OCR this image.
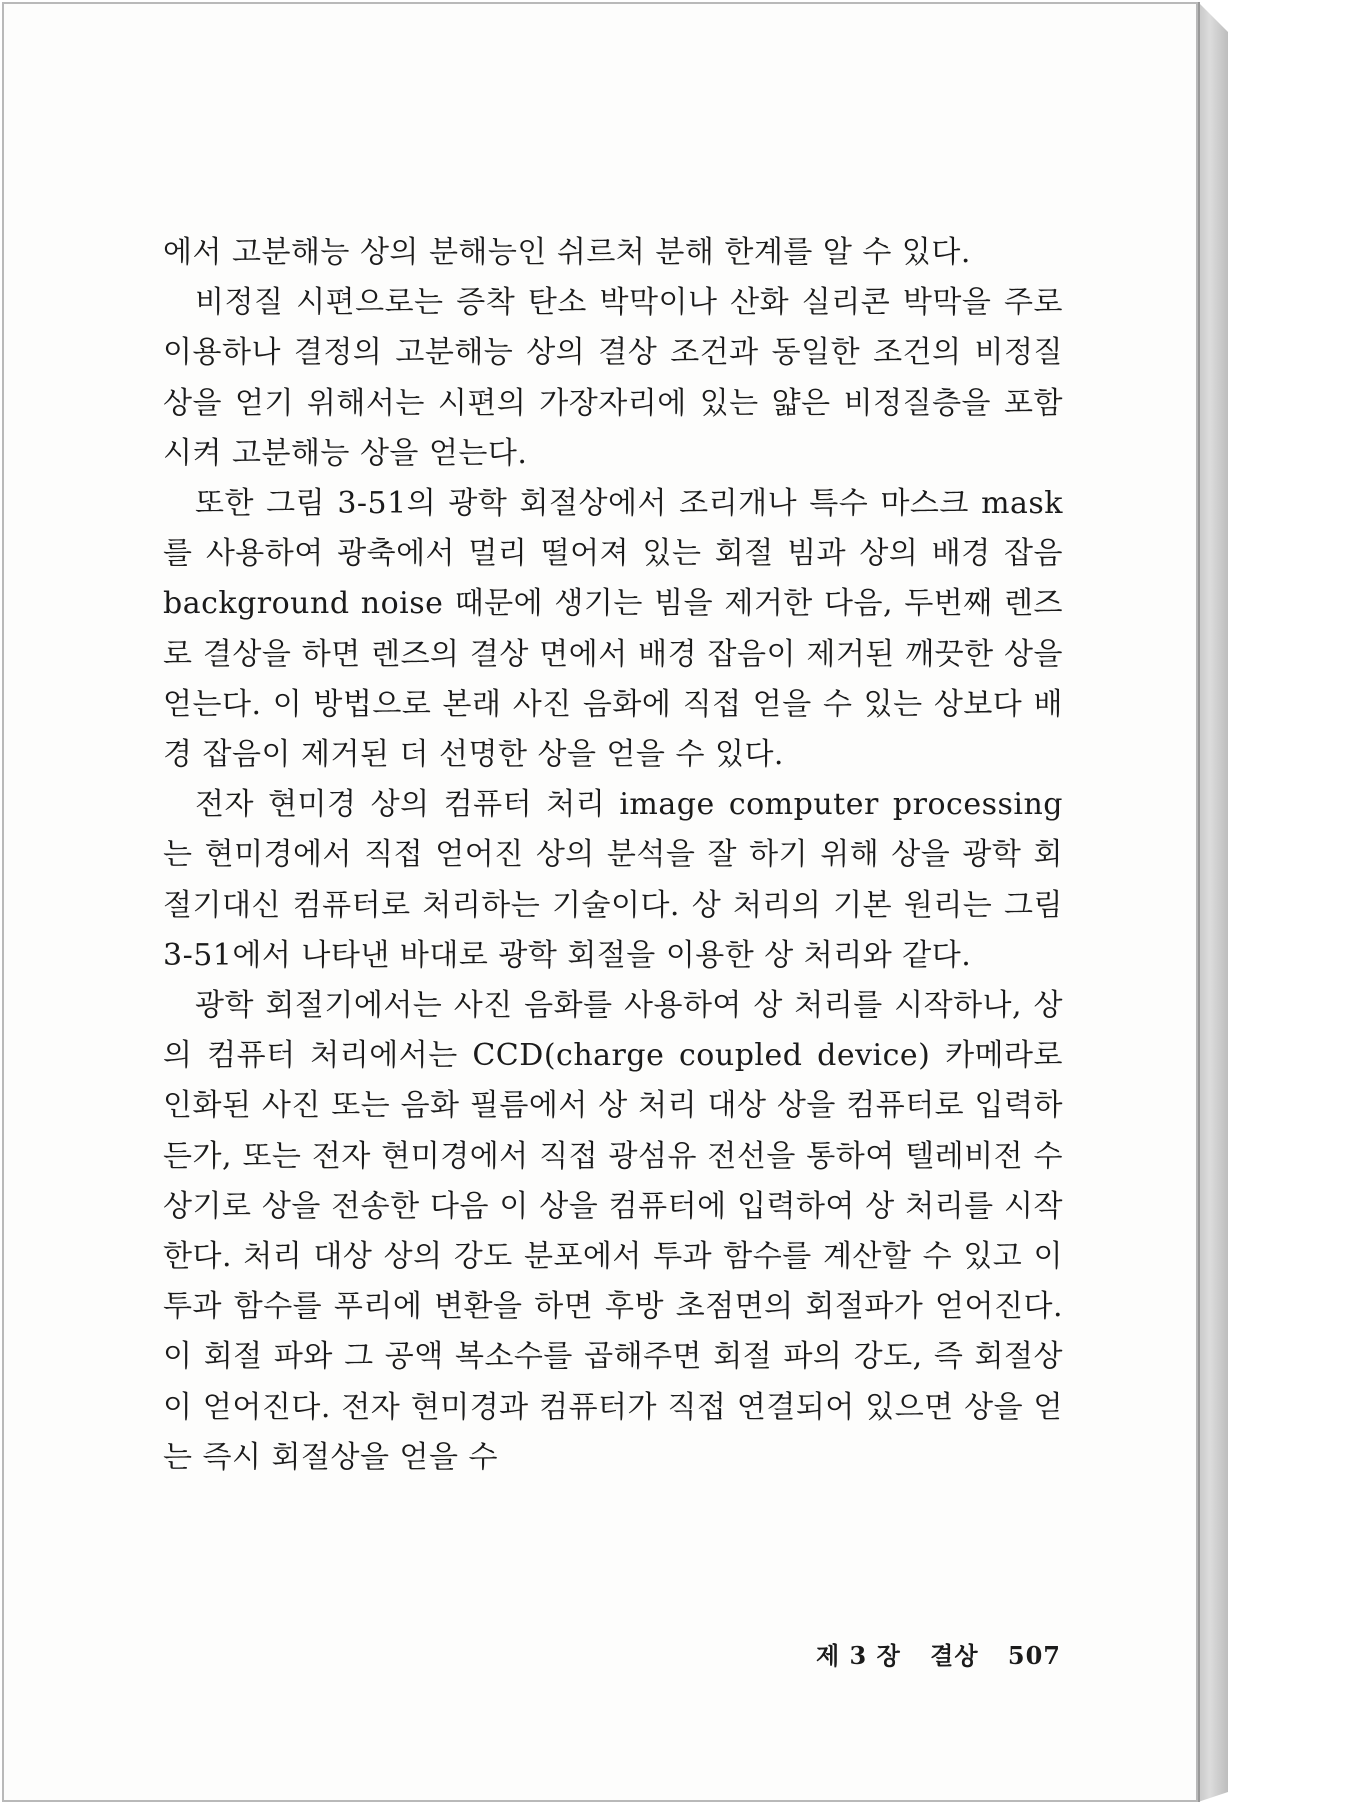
에서 고분해능 상의 분해능인 쉬르처 분해 한계를 알 수 있다.

비정질 시편으로는 증착 탄소 박막이나 산화 실리콘 박막을 주로 이용하나 결정의 고분해능 상의 결상 조건과 동일한 조건의 비정질 상을 얻기 위해서는 시편의 가장자리에 있는 얇은 비정질층을 포함시켜 고분해능 상을 얻는다.

또한 그림 3-51의 광학 회절상에서 조리개나 특수 마스크 mask를 사용하여 광축에서 멀리 떨어져 있는 회절 빔과 상의 배경 잡음 background noise 때문에 생기는 빔을 제거한 다음, 두번째 렌즈로 결상을 하면 렌즈의 결상 면에서 배경 잡음이 제거된 깨끗한 상을 얻는다. 이 방법으로 본래 사진 음화에 직접 얻을 수 있는 상보다 배경 잡음이 제거된 더 선명한 상을 얻을 수 있다.

전자 현미경 상의 컴퓨터 처리 image computer processing 는 현미경에서 직접 얻어진 상의 분석을 잘 하기 위해 상을 광학 회절기대신 컴퓨터로 처리하는 기술이다. 상 처리의 기본 원리는 그림 3-51에서 나타낸 바대로 광학 회절을 이용한 상 처리와 같다.

광학 회절기에서는 사진 음화를 사용하여 상 처리를 시작하나, 상의 컴퓨터 처리에서는 CCD(charge coupled device) 카메라로 인화된 사진 또는 음화 필름에서 상 처리 대상 상을 컴퓨터로 입력하든가, 또는 전자 현미경에서 직접 광섬유 전선을 통하여 텔레비전 수상기로 상을 전송한 다음 이 상을 컴퓨터에 입력하여 상 처리를 시작한다. 처리 대상 상의 강도 분포에서 투과 함수를 계산할 수 있고 이 투과 함수를 푸리에 변환을 하면 후방 초점면의 회절파가 얻어진다. 이 회절 파와 그 공액 복소수를 곱해주면 회절 파의 강도, 즉 회절상이 얻어진다. 전자 현미경과 컴퓨터가 직접 연결되어 있으면 상을 얻는 즉시 회절상을 얻을 수

제 3 장 결상 507
